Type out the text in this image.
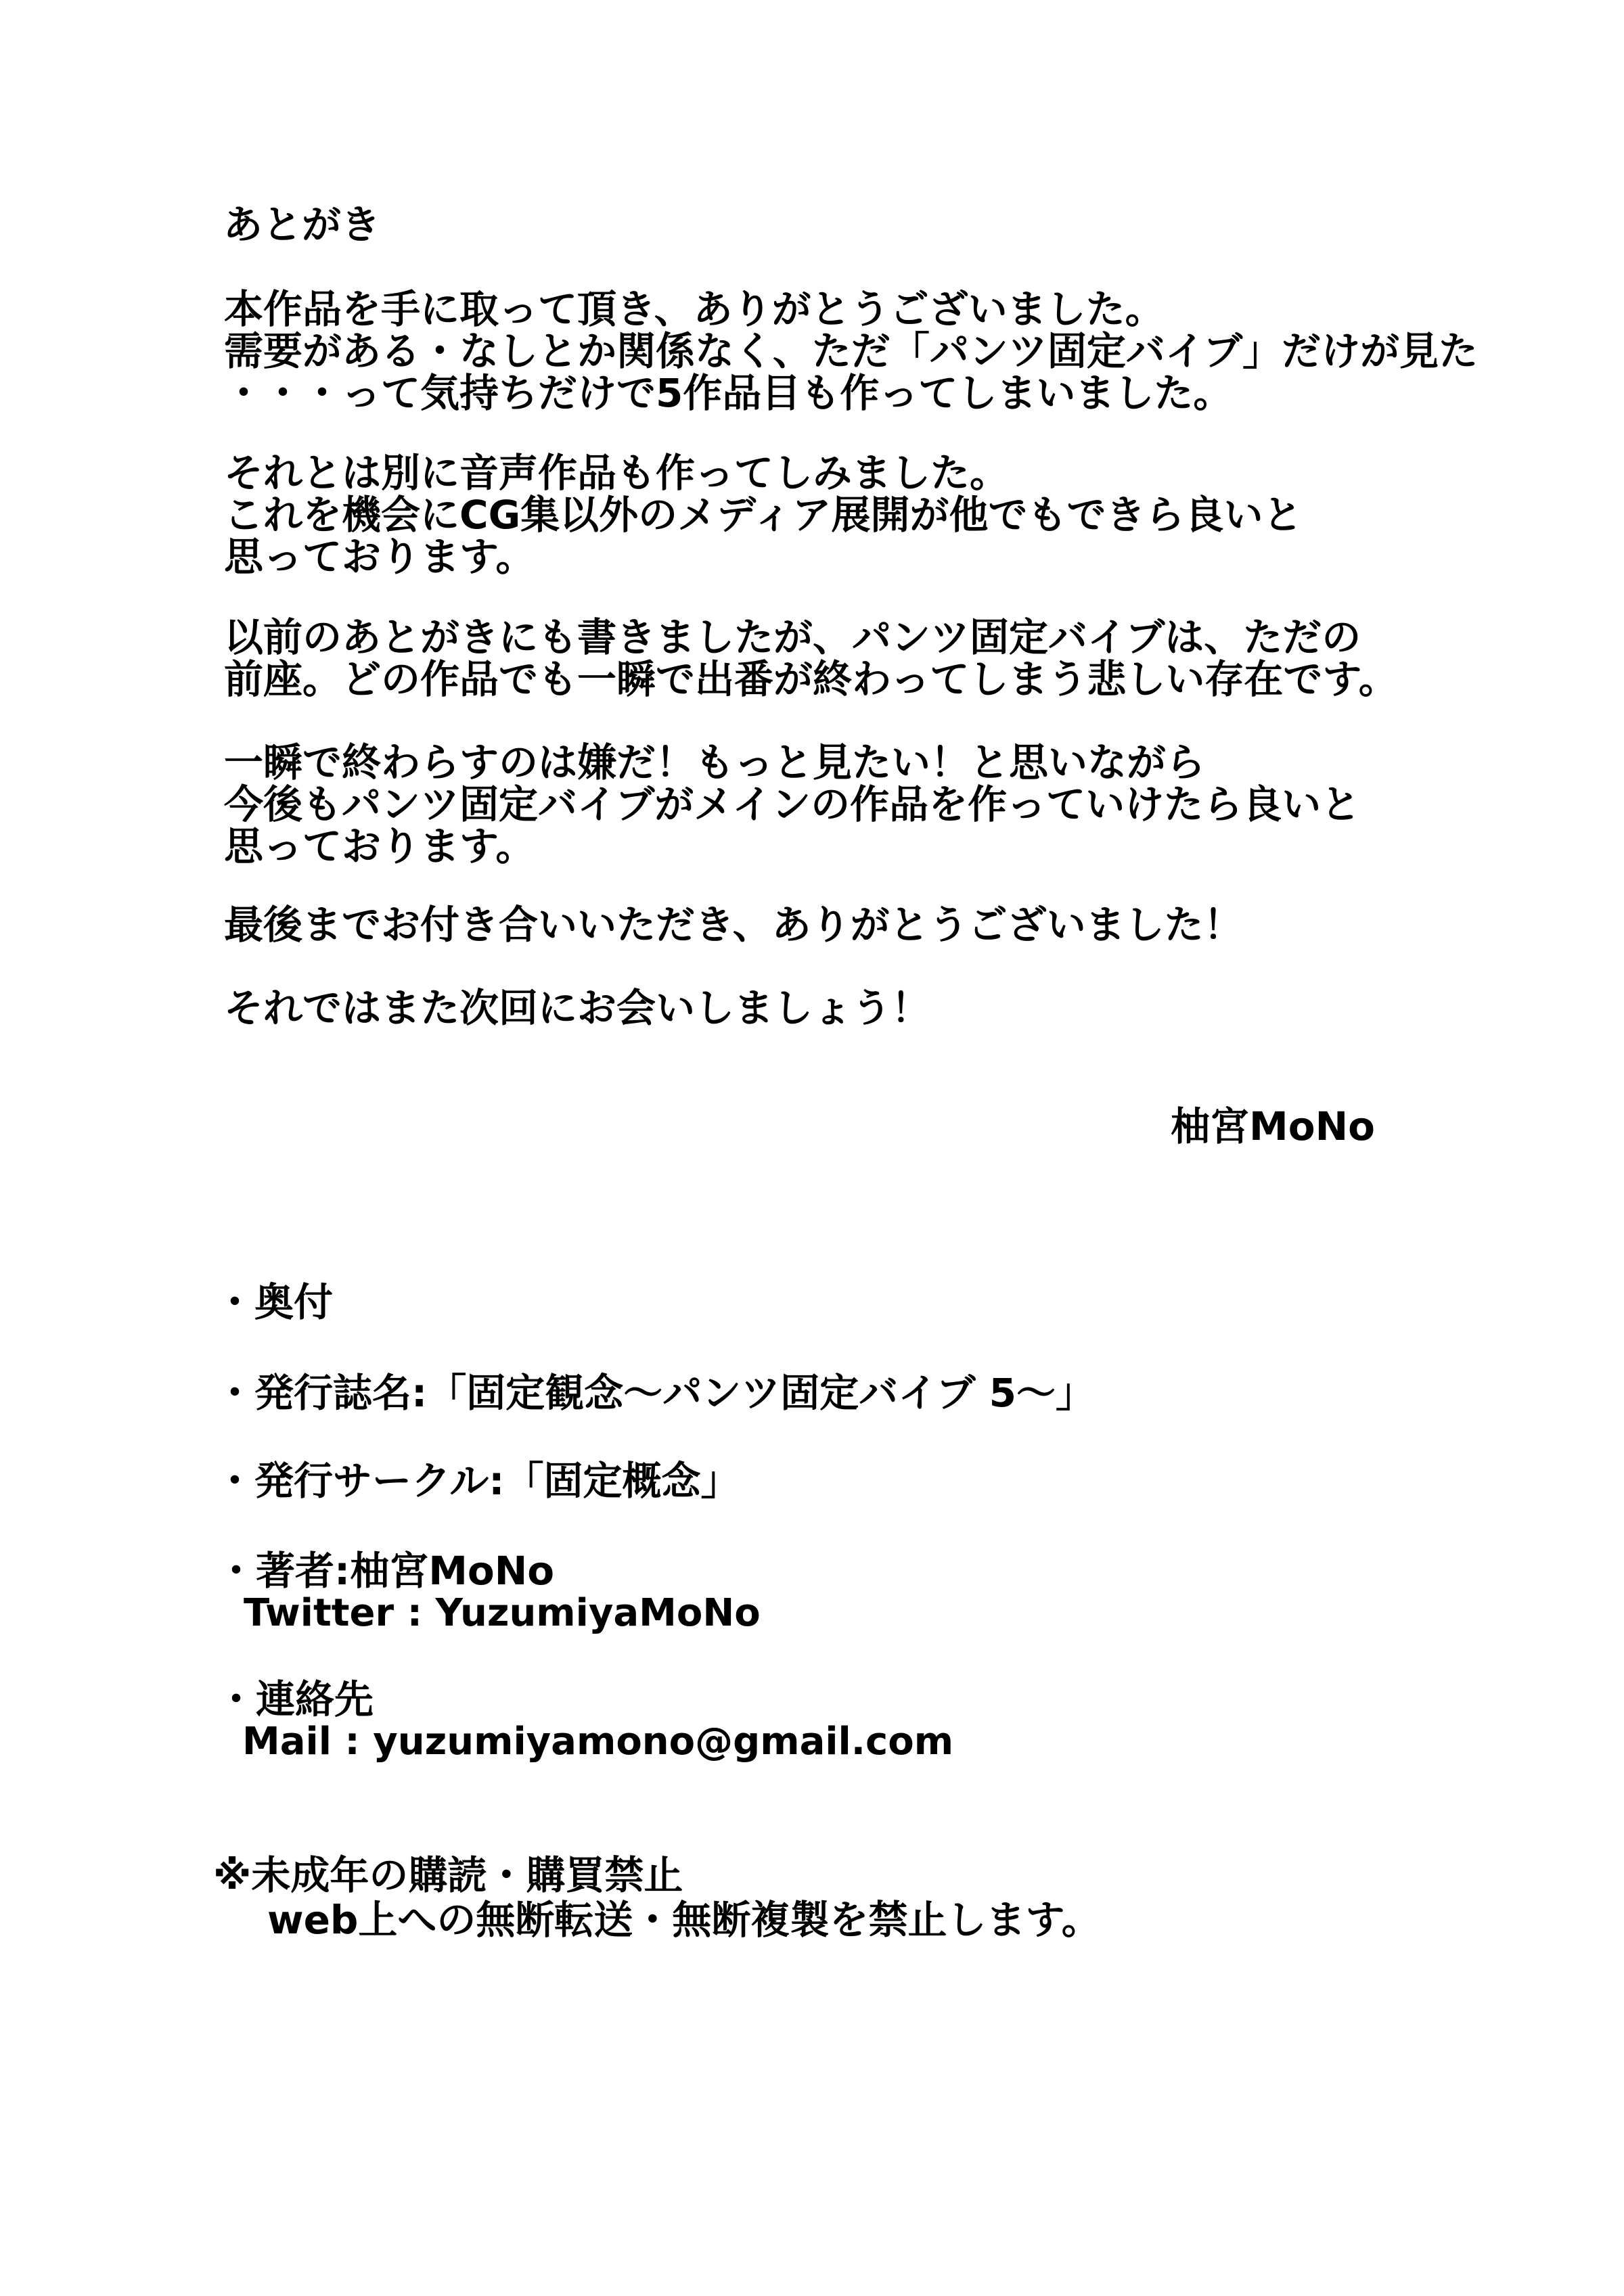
あとがき
本作品を手に取って頂き、ありがとうございました。
需要がある・なしとか関係なく、ただ「パンツ固定バイブ」だけが見た
・・・って気持ちだけで5作品目も作ってしまいました。
それとは別に音声作品も作ってしみました。
これを機会にCG集以外のメディア展開が他でもできら良いと
思っております。
以前のあとがきにも書きましたが、パンツ固定バイブは、ただの
前座。どの作品でも一瞬で出番が終わってしまう悲しい存在です。
一瞬で終わらすのは嫌だ！もっと見たい！と思いながら
今後もパンツ固定バイブがメインの作品を作っていけたら良いと
思っております。
最後までお付き合いいただき、ありがとうございました！
それではまた次回にお会いしましょう！
柚宮MoNo
・奥付
・発行誌名:「固定観念～パンツ固定バイブ 5～」
・発行サークル:「固定概念」
・著者:柚宮MoNo
Twitter : YuzumiyaMoNo
・連絡先
Mail : yuzumiyamono@gmail.com
※未成年の購読・購買禁止
web上への無断転送・無断複製を禁止します。
